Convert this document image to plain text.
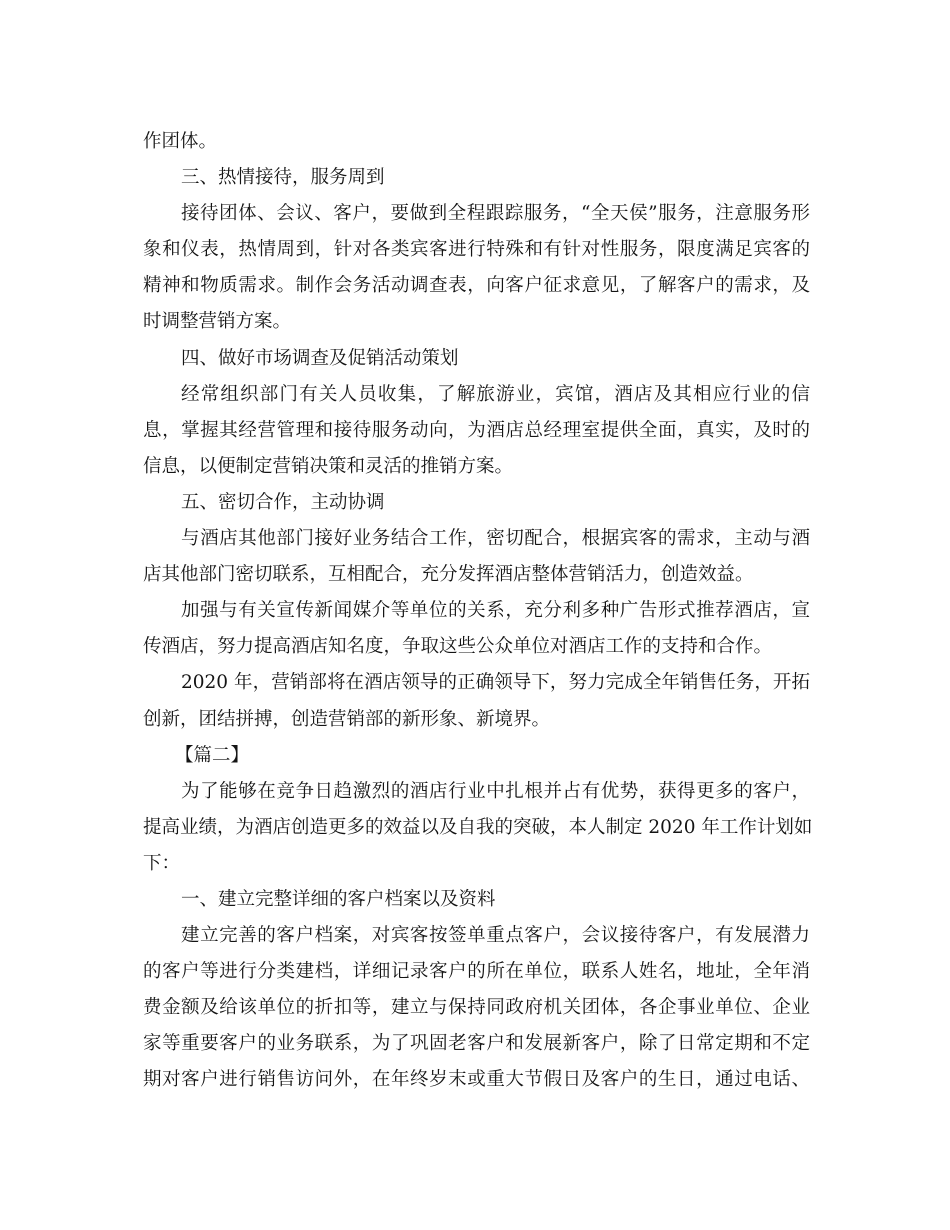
作团体。
三、热情接待，服务周到
接待团体、会议、客户，要做到全程跟踪服务，“全天侯”服务，注意服务形
象和仪表，热情周到，针对各类宾客进行特殊和有针对性服务，限度满足宾客的
精神和物质需求。制作会务活动调查表，向客户征求意见，了解客户的需求，及
时调整营销方案。
四、做好市场调查及促销活动策划
经常组织部门有关人员收集，了解旅游业，宾馆，酒店及其相应行业的信
息，掌握其经营管理和接待服务动向，为酒店总经理室提供全面，真实，及时的
信息，以便制定营销决策和灵活的推销方案。
五、密切合作，主动协调
与酒店其他部门接好业务结合工作，密切配合，根据宾客的需求，主动与酒
店其他部门密切联系，互相配合，充分发挥酒店整体营销活力，创造效益。
加强与有关宣传新闻媒介等单位的关系，充分利多种广告形式推荐酒店，宣
传酒店，努力提高酒店知名度，争取这些公众单位对酒店工作的支持和合作。
2020 年，营销部将在酒店领导的正确领导下，努力完成全年销售任务，开拓
创新，团结拼搏，创造营销部的新形象、新境界。
【篇二】
为了能够在竞争日趋激烈的酒店行业中扎根并占有优势，获得更多的客户，
提高业绩，为酒店创造更多的效益以及自我的突破，本人制定 2020 年工作计划如
下：
一、建立完整详细的客户档案以及资料
建立完善的客户档案，对宾客按签单重点客户，会议接待客户，有发展潜力
的客户等进行分类建档，详细记录客户的所在单位，联系人姓名，地址，全年消
费金额及给该单位的折扣等，建立与保持同政府机关团体，各企事业单位、企业
家等重要客户的业务联系，为了巩固老客户和发展新客户，除了日常定期和不定
期对客户进行销售访问外，在年终岁末或重大节假日及客户的生日，通过电话、
